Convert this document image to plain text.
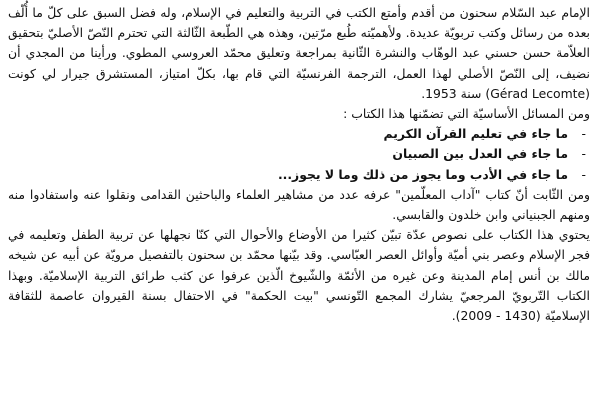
الإمام عبد السّلام سحنون من أقدم وأمتع الكتب في التربية والتعليم في الإسلام، وله فضل السبق على كلّ ما أُلّف بعده من رسائل وكتب تربويّة عديدة. ولأهميّته طُبع مرّتين، وهذه هي الطّبعة الثّالثة التي تحترم النّصّ الأصليّ بتحقيق العلاّمة حسن حسني عبد الوهّاب والنشرة الثّانية بمراجعة وتعليق محمّد العروسي المطوي. ورأينا من المجدي أن نضيف، إلى النّصّ الأصلي لهذا العمل، الترجمة الفرنسيّة التي قام بها، بكلّ امتياز، المستشرق جيرار لي كونت (Gérad Lecomte) سنة 1953.

ومن المسائل الأساسيّة التي تضمّنها هذا الكتاب :

- ما جاء في تعليم القرآن الكريم
- ما جاء في العدل بين الصبيان
- ما جاء في الأدب وما يجوز من ذلك وما لا يجوز...

ومن الثّابت أنّ كتاب "آداب المعلّمين" عرفه عدد من مشاهير العلماء والباحثين القدامى ونقلوا عنه واستفادوا منه ومنهم الجبنياني وابن خلدون والقابسي.

يحتوي هذا الكتاب على نصوص عدّة تبيّن كثيرا من الأوضاع والأحوال التي كنّا نجهلها عن تربية الطفل وتعليمه في فجر الإسلام وعصر بني أميّة وأوائل العصر العبّاسي. وقد بيّنها محمّد بن سحنون بالتفصيل مرويّة عن أبيه عن شيخه مالك بن أنس إمام المدينة وعن غيره من الأئمّة والشّيوخ الّذين عرفوا عن كثب طرائق التربية الإسلاميّة. وبهذا الكتاب التّربويّ المرجعيّ يشارك المجمع التّونسي "بيت الحكمة" في الاحتفال بسنة القيروان عاصمة للثقافة الإسلاميّة (1430 - 2009).
